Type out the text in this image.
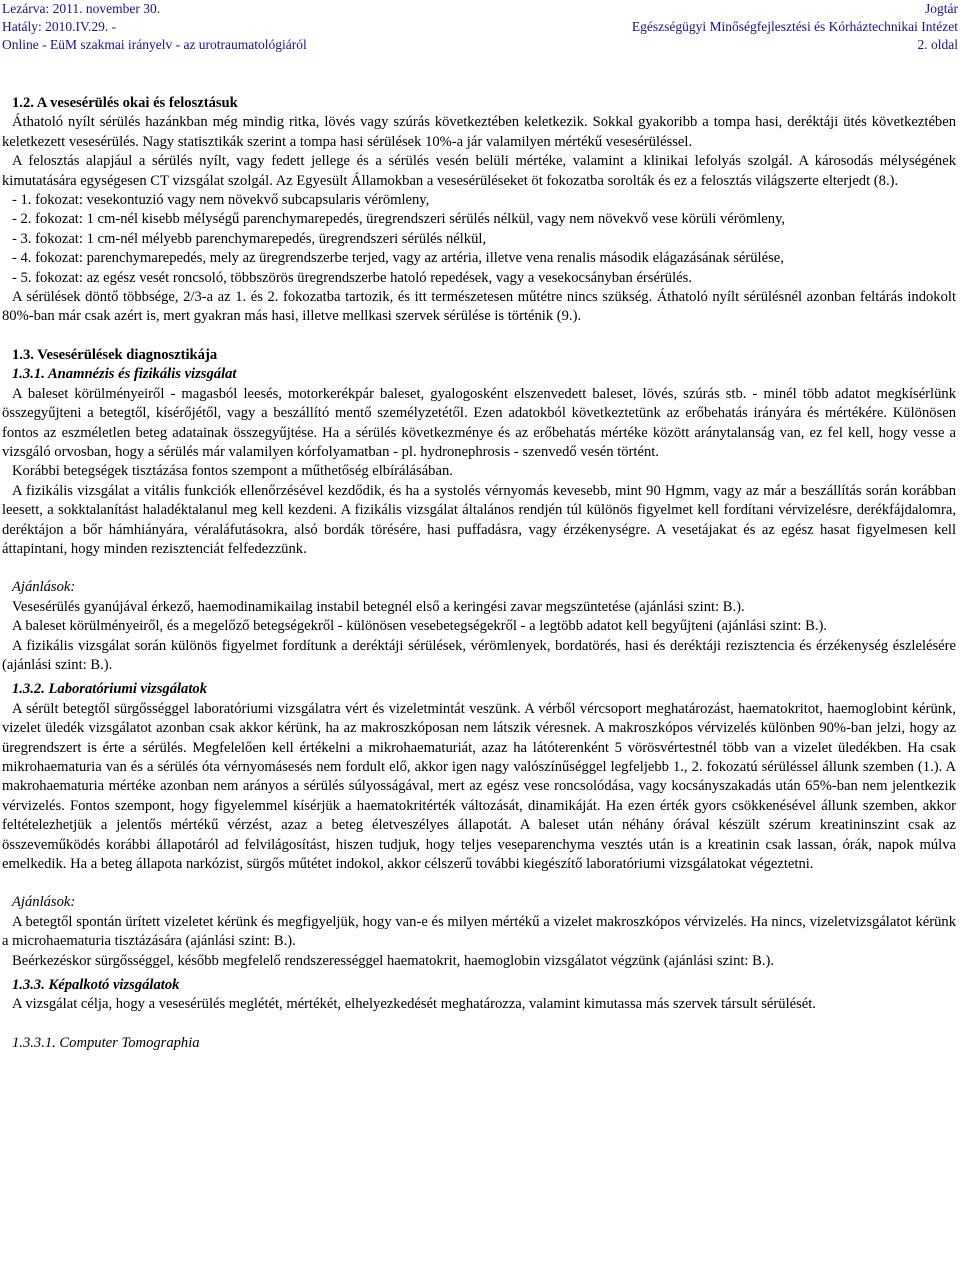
Lezárva: 2011. november 30.
Hatály: 2010.IV.29. -
Online - EüM szakmai irányelv - az urotraumatológiáról
Jogtár
Egészségügyi Minőségfejlesztési és Kórháztechnikai Intézet
2. oldal

1.2. A vesesérülés okai és felosztásuk

Áthatoló nyílt sérülés hazánkban még mindig ritka, lövés vagy szúrás következtében keletkezik. Sokkal gyakoribb a tompa hasi, deréktáji ütés következtében keletkezett vesesérülés. Nagy statisztikák szerint a tompa hasi sérülések 10%-a jár valamilyen mértékű vesesérüléssel.

A felosztás alapjául a sérülés nyílt, vagy fedett jellege és a sérülés vesén belüli mértéke, valamint a klinikai lefolyás szolgál. A károsodás mélységének kimutatására egységesen CT vizsgálat szolgál. Az Egyesült Államokban a vesesérüléseket öt fokozatba sorolták és ez a felosztás világszerte elterjedt (8.).

- 1. fokozat: vesekontuzió vagy nem növekvő subcapsularis vérömleny,

- 2. fokozat: 1 cm-nél kisebb mélységű parenchymarepedés, üregrendszeri sérülés nélkül, vagy nem növekvő vese körüli vérömleny,

- 3. fokozat: 1 cm-nél mélyebb parenchymarepedés, üregrendszeri sérülés nélkül,

- 4. fokozat: parenchymarepedés, mely az üregrendszerbe terjed, vagy az artéria, illetve vena renalis második elágazásának sérülése,

- 5. fokozat: az egész vesét roncsoló, többszörös üregrendszerbe hatoló repedések, vagy a vesekocsányban érsérülés.

A sérülések döntő többsége, 2/3-a az 1. és 2. fokozatba tartozik, és itt természetesen műtétre nincs szükség. Áthatoló nyílt sérülésnél azonban feltárás indokolt 80%-ban már csak azért is, mert gyakran más hasi, illetve mellkasi szervek sérülése is történik (9.).

1.3. Vesesérülések diagnosztikája

1.3.1. Anamnézis és fizikális vizsgálat

A baleset körülményeiről - magasból leesés, motorkerékpár baleset, gyalogosként elszenvedett baleset, lövés, szúrás stb. - minél több adatot megkísérlünk összegyűjteni a betegtől, kísérőjétől, vagy a beszállító mentő személyzetétől. Ezen adatokból következtetünk az erőbehatás irányára és mértékére. Különösen fontos az eszméletlen beteg adatainak összegyűjtése. Ha a sérülés következménye és az erőbehatás mértéke között aránytalanság van, ez fel kell, hogy vesse a vizsgáló orvosban, hogy a sérülés már valamilyen kórfolyamatban - pl. hydronephrosis - szenvedő vesén történt.

Korábbi betegségek tisztázása fontos szempont a műthetőség elbírálásában.

A fizikális vizsgálat a vitális funkciók ellenőrzésével kezdődik, és ha a systolés vérnyomás kevesebb, mint 90 Hgmm, vagy az már a beszállítás során korábban leesett, a sokktalanítást haladéktalanul meg kell kezdeni. A fizikális vizsgálat általános rendjén túl különös figyelmet kell fordítani vérvizelésre, derékfájdalomra, deréktájon a bőr hámhiányára, véraláfutásokra, alsó bordák törésére, hasi puffadásra, vagy érzékenységre. A vesetájakat és az egész hasat figyelmesen kell áttapintani, hogy minden rezisztenciát felfedezzünk.

Ajánlások:

Vesesérülés gyanújával érkező, haemodinamikailag instabil betegnél első a keringési zavar megszüntetése (ajánlási szint: B.).

A baleset körülményeiről, és a megelőző betegségekről - különösen vesebetegségekről - a legtöbb adatot kell begyűjteni (ajánlási szint: B.).

A fizikális vizsgálat során különös figyelmet fordítunk a deréktáji sérülések, vérömlenyek, bordatörés, hasi és deréktáji rezisztencia és érzékenység észlelésére (ajánlási szint: B.).

1.3.2. Laboratóriumi vizsgálatok

A sérült betegtől sürgősséggel laboratóriumi vizsgálatra vért és vizeletmintát veszünk. A vérből vércsoport meghatározást, haematokritot, haemoglobint kérünk, vizelet üledék vizsgálatot azonban csak akkor kérünk, ha az makroszkóposan nem látszik véresnek. A makroszkópos vérvizelés különben 90%-ban jelzi, hogy az üregrendszert is érte a sérülés. Megfelelően kell értékelni a mikrohaematuriát, azaz ha látóterenként 5 vörösvértestnél több van a vizelet üledékben. Ha csak mikrohaematuria van és a sérülés óta vérnyomásesés nem fordult elő, akkor igen nagy valószínűséggel legfeljebb 1., 2. fokozatú sérüléssel állunk szemben (1.). A makrohaematuria mértéke azonban nem arányos a sérülés súlyosságával, mert az egész vese roncsolódása, vagy kocsányszakadás után 65%-ban nem jelentkezik vérvizelés. Fontos szempont, hogy figyelemmel kísérjük a haematokritérték változását, dinamikáját. Ha ezen érték gyors csökkenésével állunk szemben, akkor feltételezhetjük a jelentős mértékű vérzést, azaz a beteg életveszélyes állapotát. A baleset után néhány órával készült szérum kreatininszint csak az összeveműködés korábbi állapotáról ad felvilágosítást, hiszen tudjuk, hogy teljes veseparenchyma vesztés után is a kreatinin csak lassan, órák, napok múlva emelkedik. Ha a beteg állapota narkózist, sürgős műtétet indokol, akkor célszerű további kiegészítő laboratóriumi vizsgálatokat végeztetni.

Ajánlások:

A betegtől spontán ürített vizeletet kérünk és megfigyeljük, hogy van-e és milyen mértékű a vizelet makroszkópos vérvizelés. Ha nincs, vizeletvizsgálatot kérünk a microhaematuria tisztázására (ajánlási szint: B.).

Beérkezéskor sürgősséggel, később megfelelő rendszerességgel haematokrit, haemoglobin vizsgálatot végzünk (ajánlási szint: B.).

1.3.3. Képalkotó vizsgálatok

A vizsgálat célja, hogy a vesesérülés meglétét, mértékét, elhelyezkedését meghatározza, valamint kimutassa más szervek társult sérülését.

1.3.3.1. Computer Tomographia
